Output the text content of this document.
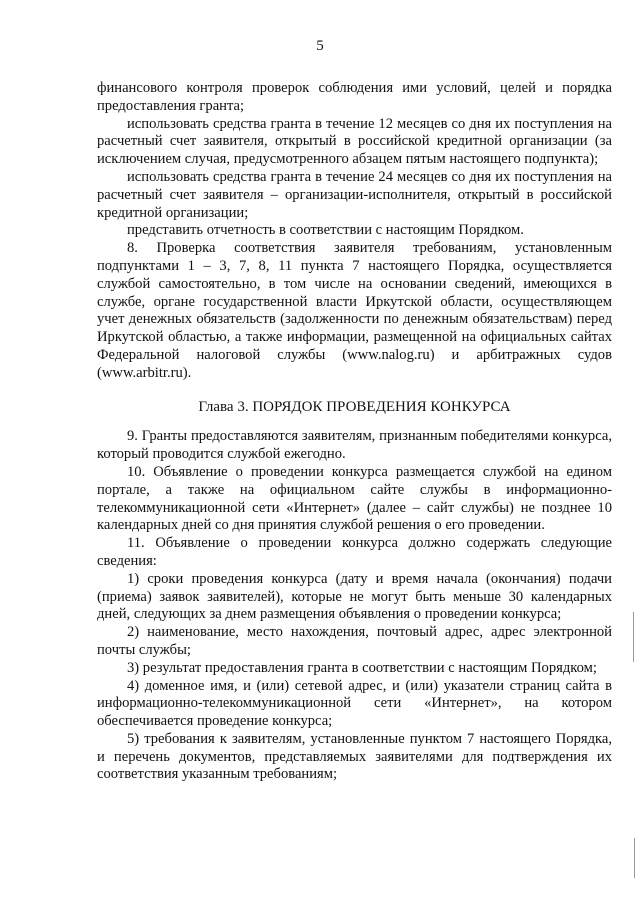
5

финансового контроля проверок соблюдения ими условий, целей и порядка предоставления гранта;

использовать средства гранта в течение 12 месяцев со дня их поступления на расчетный счет заявителя, открытый в российской кредитной организации (за исключением случая, предусмотренного абзацем пятым настоящего подпункта);

использовать средства гранта в течение 24 месяцев со дня их поступления на расчетный счет заявителя – организации-исполнителя, открытый в российской кредитной организации;

представить отчетность в соответствии с настоящим Порядком.

8. Проверка соответствия заявителя требованиям, установленным подпунктами 1 – 3, 7, 8, 11 пункта 7 настоящего Порядка, осуществляется службой самостоятельно, в том числе на основании сведений, имеющихся в службе, органе государственной власти Иркутской области, осуществляющем учет денежных обязательств (задолженности по денежным обязательствам) перед Иркутской областью, а также информации, размещенной на официальных сайтах Федеральной налоговой службы (www.nalog.ru) и арбитражных судов (www.arbitr.ru).

Глава 3. ПОРЯДОК ПРОВЕДЕНИЯ КОНКУРСА

9. Гранты предоставляются заявителям, признанным победителями конкурса, который проводится службой ежегодно.

10. Объявление о проведении конкурса размещается службой на едином портале, а также на официальном сайте службы в информационно-телекоммуникационной сети «Интернет» (далее – сайт службы) не позднее 10 календарных дней со дня принятия службой решения о его проведении.

11. Объявление о проведении конкурса должно содержать следующие сведения:

1) сроки проведения конкурса (дату и время начала (окончания) подачи (приема) заявок заявителей), которые не могут быть меньше 30 календарных дней, следующих за днем размещения объявления о проведении конкурса;

2) наименование, место нахождения, почтовый адрес, адрес электронной почты службы;

3) результат предоставления гранта в соответствии с настоящим Порядком;

4) доменное имя, и (или) сетевой адрес, и (или) указатели страниц сайта в информационно-телекоммуникационной сети «Интернет», на котором обеспечивается проведение конкурса;

5) требования к заявителям, установленные пунктом 7 настоящего Порядка, и перечень документов, представляемых заявителями для подтверждения их соответствия указанным требованиям;
